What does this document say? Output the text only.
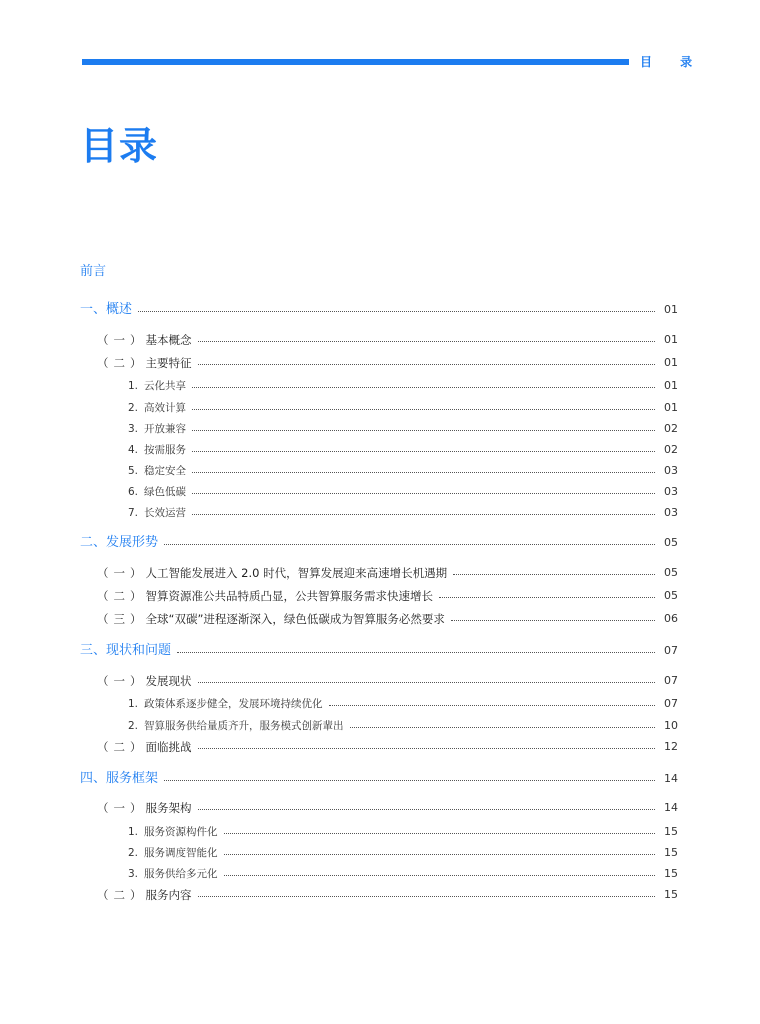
目 录
目录
前言
一、概述	01
（ 一 ） 基本概念	01
（ 二 ） 主要特征	01
1. 云化共享	01
2. 高效计算	01
3. 开放兼容	02
4. 按需服务	02
5. 稳定安全	03
6. 绿色低碳	03
7. 长效运营	03
二、发展形势	05
（ 一 ） 人工智能发展进入 2.0 时代，智算发展迎来高速增长机遇期	05
（ 二 ） 智算资源准公共品特质凸显，公共智算服务需求快速增长	05
（ 三 ） 全球“双碳”进程逐渐深入，绿色低碳成为智算服务必然要求	06
三、现状和问题	07
（ 一 ） 发展现状	07
1. 政策体系逐步健全，发展环境持续优化	07
2. 智算服务供给量质齐升，服务模式创新輩出	10
（ 二 ） 面临挑战	12
四、服务框架	14
（ 一 ） 服务架构	14
1. 服务资源构件化	15
2. 服务调度智能化	15
3. 服务供给多元化	15
（ 二 ） 服务内容	15
